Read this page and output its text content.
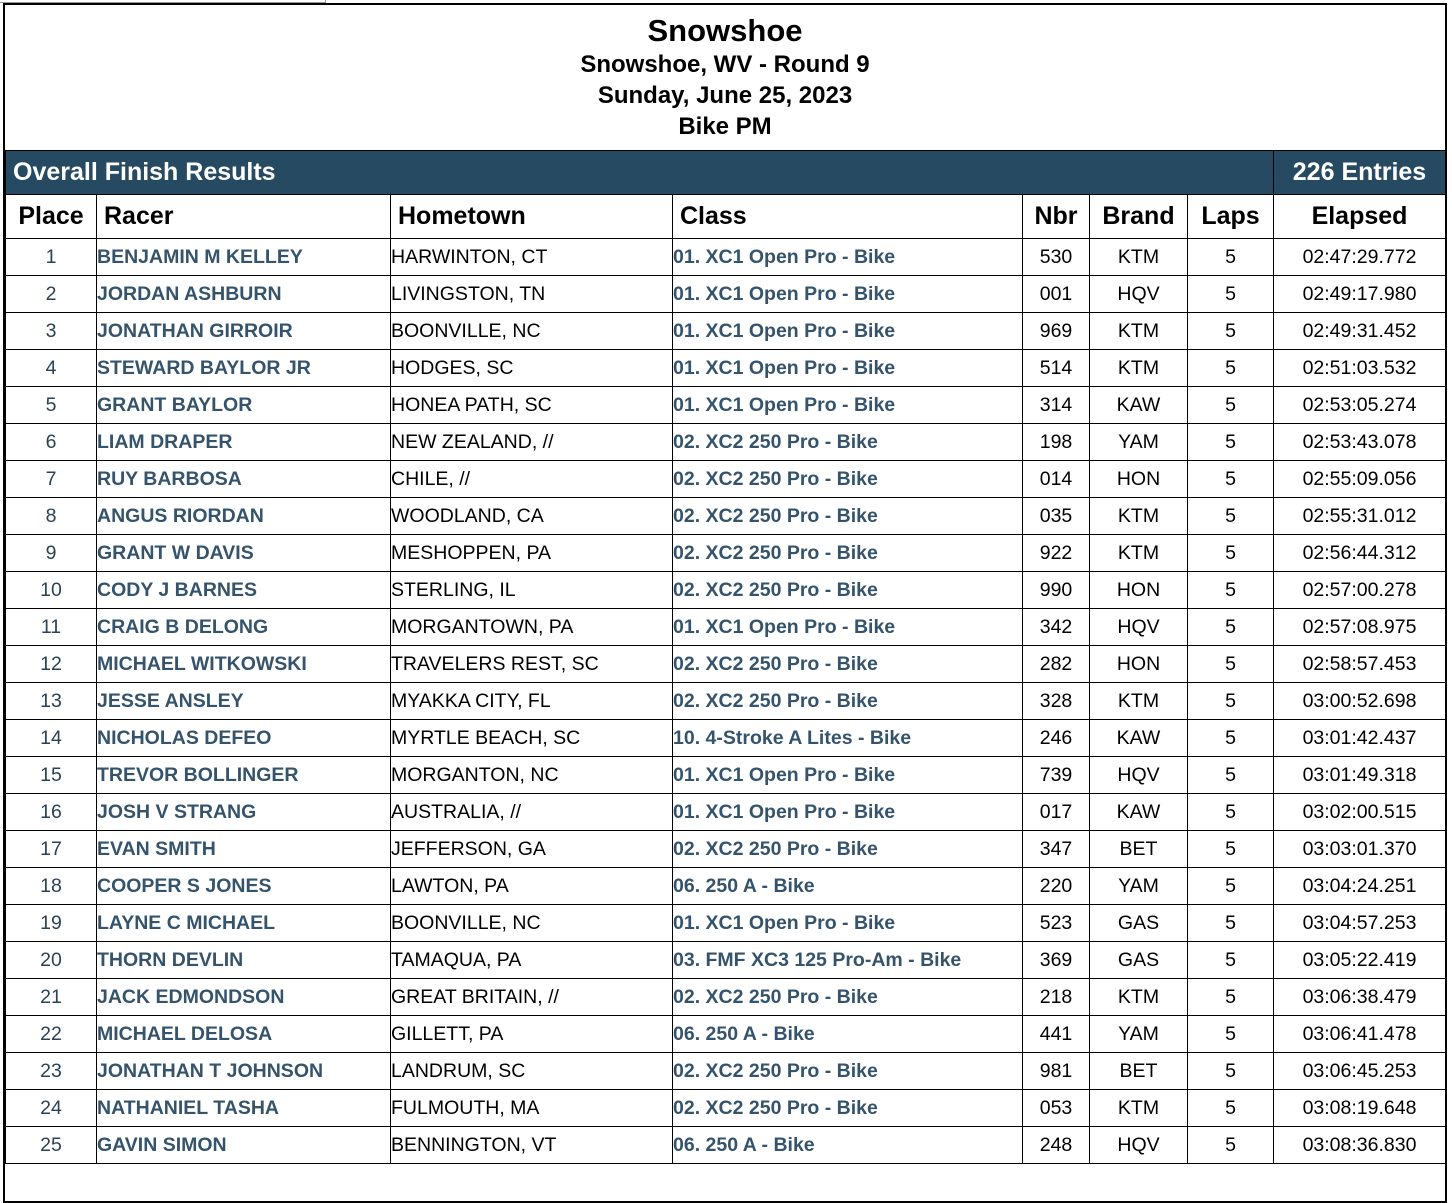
Snowshoe
Snowshoe, WV - Round 9
Sunday, June 25, 2023
Bike PM
Overall Finish Results							226 Entries
Place	Racer	Hometown	Class	Nbr	Brand	Laps	Elapsed
1	BENJAMIN M KELLEY	HARWINTON, CT	01. XC1 Open Pro - Bike	530	KTM	5	02:47:29.772
2	JORDAN ASHBURN	LIVINGSTON, TN	01. XC1 Open Pro - Bike	001	HQV	5	02:49:17.980
3	JONATHAN GIRROIR	BOONVILLE, NC	01. XC1 Open Pro - Bike	969	KTM	5	02:49:31.452
4	STEWARD BAYLOR JR	HODGES, SC	01. XC1 Open Pro - Bike	514	KTM	5	02:51:03.532
5	GRANT BAYLOR	HONEA PATH, SC	01. XC1 Open Pro - Bike	314	KAW	5	02:53:05.274
6	LIAM DRAPER	NEW ZEALAND, //	02. XC2 250 Pro - Bike	198	YAM	5	02:53:43.078
7	RUY BARBOSA	CHILE, //	02. XC2 250 Pro - Bike	014	HON	5	02:55:09.056
8	ANGUS RIORDAN	WOODLAND, CA	02. XC2 250 Pro - Bike	035	KTM	5	02:55:31.012
9	GRANT W DAVIS	MESHOPPEN, PA	02. XC2 250 Pro - Bike	922	KTM	5	02:56:44.312
10	CODY J BARNES	STERLING, IL	02. XC2 250 Pro - Bike	990	HON	5	02:57:00.278
11	CRAIG B DELONG	MORGANTOWN, PA	01. XC1 Open Pro - Bike	342	HQV	5	02:57:08.975
12	MICHAEL WITKOWSKI	TRAVELERS REST, SC	02. XC2 250 Pro - Bike	282	HON	5	02:58:57.453
13	JESSE ANSLEY	MYAKKA CITY, FL	02. XC2 250 Pro - Bike	328	KTM	5	03:00:52.698
14	NICHOLAS DEFEO	MYRTLE BEACH, SC	10. 4-Stroke A Lites - Bike	246	KAW	5	03:01:42.437
15	TREVOR BOLLINGER	MORGANTON, NC	01. XC1 Open Pro - Bike	739	HQV	5	03:01:49.318
16	JOSH V STRANG	AUSTRALIA, //	01. XC1 Open Pro - Bike	017	KAW	5	03:02:00.515
17	EVAN SMITH	JEFFERSON, GA	02. XC2 250 Pro - Bike	347	BET	5	03:03:01.370
18	COOPER S JONES	LAWTON, PA	06. 250 A - Bike	220	YAM	5	03:04:24.251
19	LAYNE C MICHAEL	BOONVILLE, NC	01. XC1 Open Pro - Bike	523	GAS	5	03:04:57.253
20	THORN DEVLIN	TAMAQUA, PA	03. FMF XC3 125 Pro-Am - Bike	369	GAS	5	03:05:22.419
21	JACK EDMONDSON	GREAT BRITAIN, //	02. XC2 250 Pro - Bike	218	KTM	5	03:06:38.479
22	MICHAEL DELOSA	GILLETT, PA	06. 250 A - Bike	441	YAM	5	03:06:41.478
23	JONATHAN T JOHNSON	LANDRUM, SC	02. XC2 250 Pro - Bike	981	BET	5	03:06:45.253
24	NATHANIEL TASHA	FULMOUTH, MA	02. XC2 250 Pro - Bike	053	KTM	5	03:08:19.648
25	GAVIN SIMON	BENNINGTON, VT	06. 250 A - Bike	248	HQV	5	03:08:36.830
